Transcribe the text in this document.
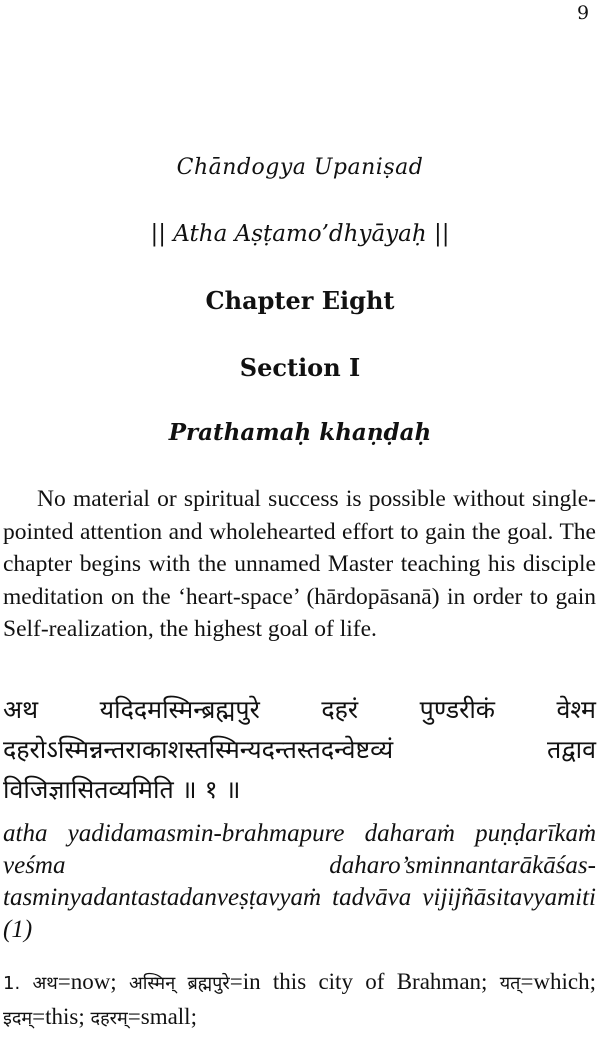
9
Chāndogya Upaniṣad
|| Atha Aṣṭamo’dhyāyaḥ ||
Chapter Eight
Section I
Prathamaḥ khaṇḍaḥ

No material or spiritual success is possible without single-pointed attention and wholehearted effort to gain the goal. The chapter begins with the unnamed Master teaching his disciple meditation on the ‘heart-space’ (hārdopāsanā) in order to gain Self-realization, the highest goal of life.

अथ यदिदमस्मिन्ब्रह्मपुरे दहरं पुण्डरीकं वेश्म दहरोऽस्मिन्नन्तराकाशस्तस्मिन्यदन्तस्तदन्वेष्टव्यं तद्वाव विजिज्ञासितव्यमिति ॥ १ ॥
atha yadidamasmin-brahmapure daharaṁ puṇḍarīkaṁ veśma daharo’sminnantarākāśas-tasminyadantastadanveṣṭavyaṁ tadvāva vijijñāsitavyamiti (1)
1. अथ=now; अस्मिन् ब्रह्मपुरे=in this city of Brahman; यत्=which; इदम्=this; दहरम्=small;
